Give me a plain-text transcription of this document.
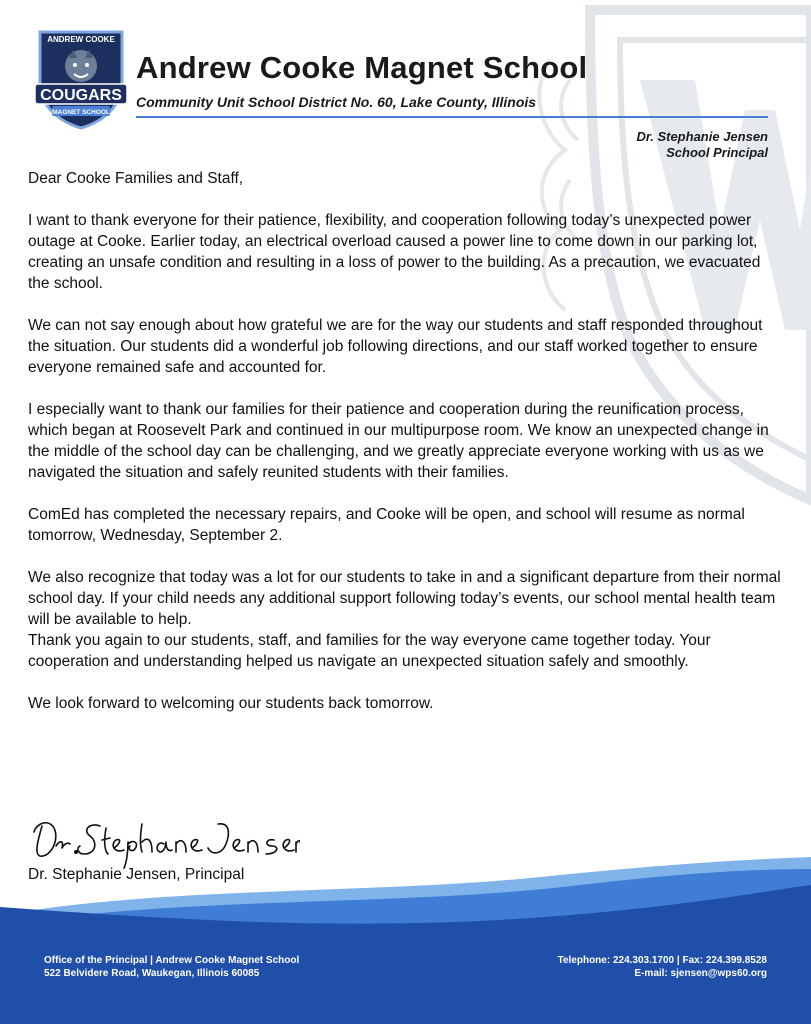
ANDREW COOKE
COUGARS
MAGNET SCHOOL
Andrew Cooke Magnet School
Community Unit School District No. 60, Lake County, Illinois
Dr. Stephanie Jensen
School Principal

Dear Cooke Families and Staff,

I want to thank everyone for their patience, flexibility, and cooperation following today’s unexpected power outage at Cooke. Earlier today, an electrical overload caused a power line to come down in our parking lot, creating an unsafe condition and resulting in a loss of power to the building. As a precaution, we evacuated the school.

We can not say enough about how grateful we are for the way our students and staff responded throughout the situation. Our students did a wonderful job following directions, and our staff worked together to ensure everyone remained safe and accounted for.

I especially want to thank our families for their patience and cooperation during the reunification process, which began at Roosevelt Park and continued in our multipurpose room. We know an unexpected change in the middle of the school day can be challenging, and we greatly appreciate everyone working with us as we navigated the situation and safely reunited students with their families.

ComEd has completed the necessary repairs, and Cooke will be open, and school will resume as normal tomorrow, Wednesday, September 2.

We also recognize that today was a lot for our students to take in and a significant departure from their normal school day. If your child needs any additional support following today’s events, our school mental health team will be available to help.

Thank you again to our students, staff, and families for the way everyone came together today. Your cooperation and understanding helped us navigate an unexpected situation safely and smoothly.

We look forward to welcoming our students back tomorrow.

Dr. Stephanie Jensen, Principal
Office of the Principal | Andrew Cooke Magnet School
522 Belvidere Road, Waukegan, Illinois 60085
Telephone: 224.303.1700 | Fax: 224.399.8528
E-mail: sjensen@wps60.org
